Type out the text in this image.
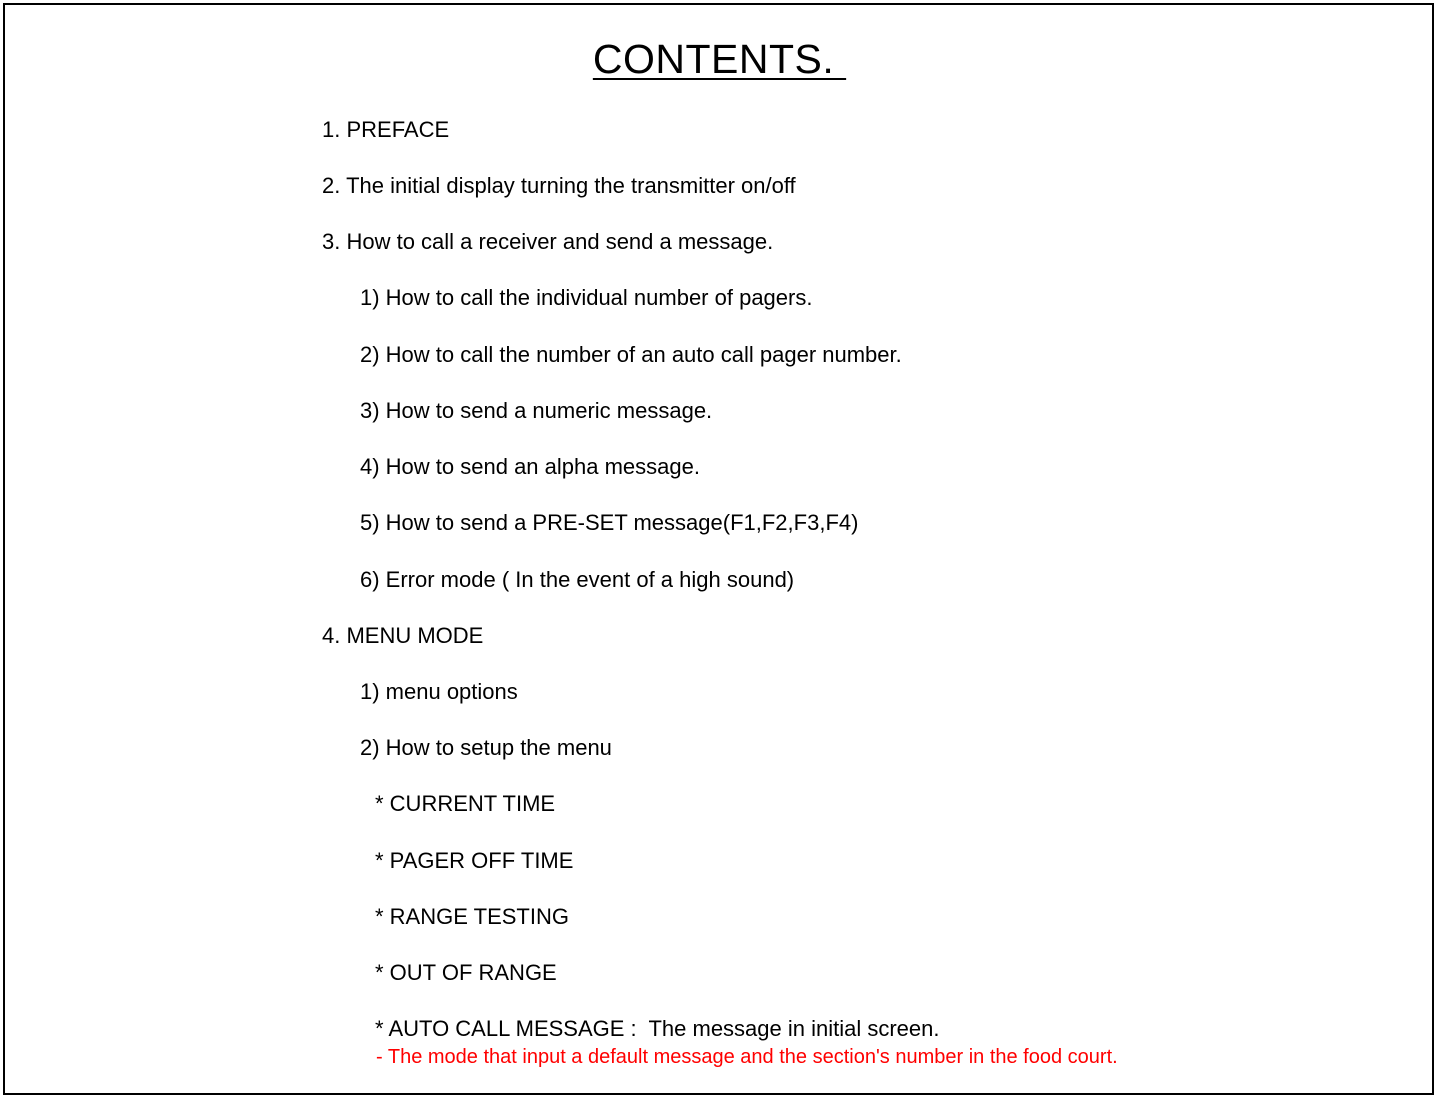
CONTENTS.
1. PREFACE
2. The initial display turning the transmitter on/off
3. How to call a receiver and send a message.
1) How to call the individual number of pagers.
2) How to call the number of an auto call pager number.
3) How to send a numeric message.
4) How to send an alpha message.
5) How to send a PRE-SET message(F1,F2,F3,F4)
6) Error mode ( In the event of a high sound)
4. MENU MODE
1) menu options
2) How to setup the menu
* CURRENT TIME
* PAGER OFF TIME
* RANGE TESTING
* OUT OF RANGE
* AUTO CALL MESSAGE :  The message in initial screen.
- The mode that input a default message and the section's number in the food court.
